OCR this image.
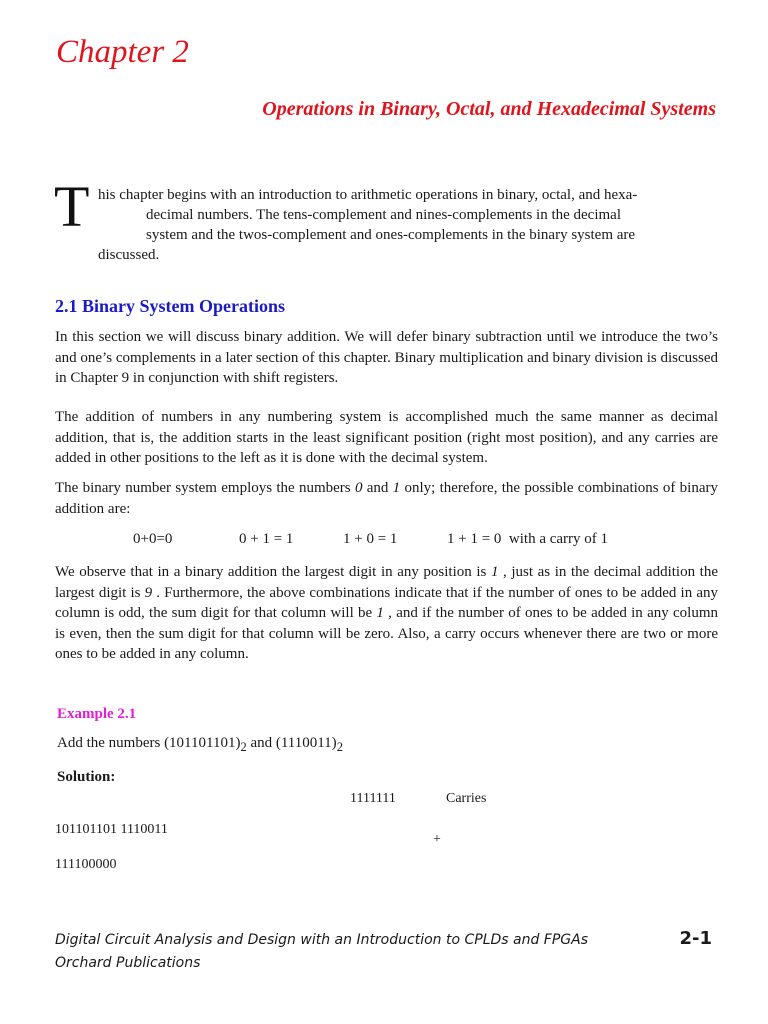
Chapter 2
Operations in Binary, Octal, and Hexadecimal Systems
T his chapter begins with an introduction to arithmetic operations in binary, octal, and hexa-
decimal numbers. The tens-complement and nines-complements in the decimal
system and the twos-complement and ones-complements in the binary system are
discussed.
2.1 Binary System Operations
In this section we will discuss binary addition. We will defer binary subtraction until we introduce the two’s and one’s complements in a later section of this chapter. Binary multiplication and binary division is discussed in Chapter 9 in conjunction with shift registers.
The addition of numbers in any numbering system is accomplished much the same manner as decimal addition, that is, the addition starts in the least significant position (right most position), and any carries are added in other positions to the left as it is done with the decimal system.
The binary number system employs the numbers 0 and 1 only; therefore, the possible combinations of binary addition are:
0+0=0	0 + 1 = 1	1 + 0 = 1	1 + 1 = 0  with a carry of 1
We observe that in a binary addition the largest digit in any position is 1 , just as in the decimal addition the largest digit is 9 . Furthermore, the above combinations indicate that if the number of ones to be added in any column is odd, the sum digit for that column will be 1 , and if the number of ones to be added in any column is even, then the sum digit for that column will be zero. Also, a carry occurs whenever there are two or more ones to be added in any column.
Example 2.1
Add the numbers $(101101101)_2$ and $(1110011)_2$
Solution:
1111111	Carries
101101101 1110011
+
111100000
Digital Circuit Analysis and Design with an Introduction to CPLDs and FPGAs
Orchard Publications
2-1
